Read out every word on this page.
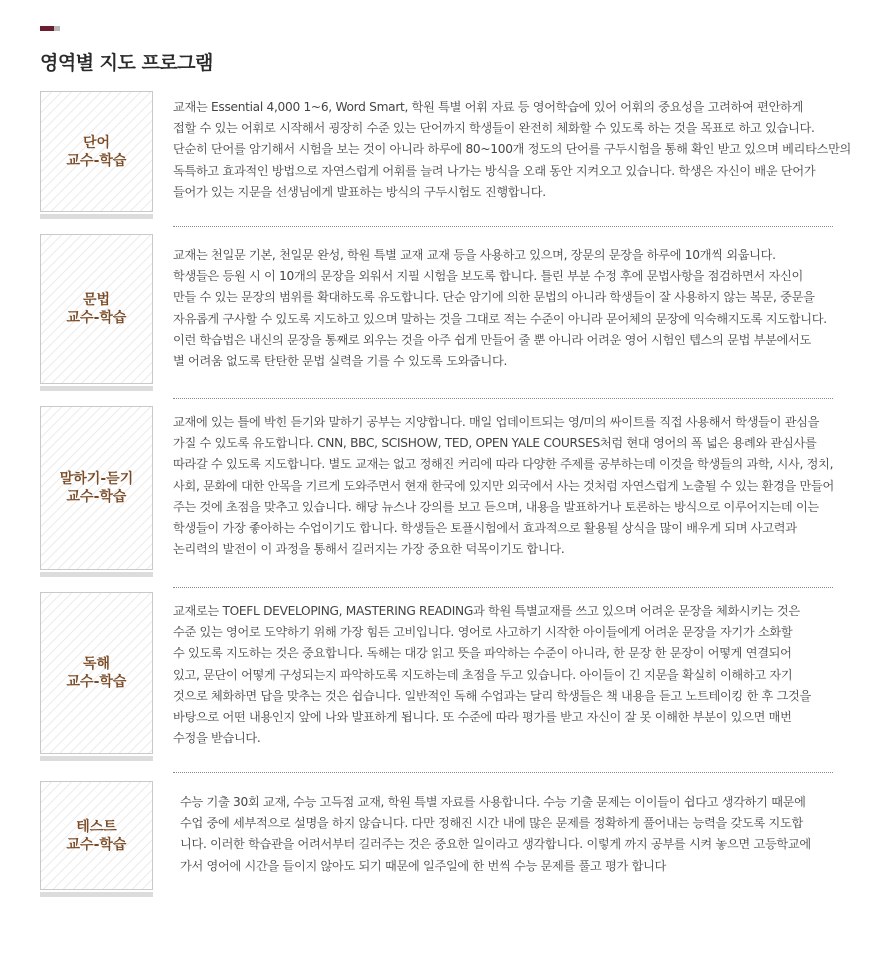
영역별 지도 프로그램
단어
교수-학습
교재는 Essential 4,000 1~6, Word Smart, 학원 특별 어휘 자료 등 영어학습에 있어 어휘의 중요성을 고려하여 편안하게
접할 수 있는 어휘로 시작해서 굉장히 수준 있는 단어까지 학생들이 완전히 체화할 수 있도록 하는 것을 목표로 하고 있습니다.
단순히 단어를 암기해서 시험을 보는 것이 아니라 하루에 80~100개 정도의 단어를 구두시험을 통해 확인 받고 있으며 베리타스만의
독특하고 효과적인 방법으로 자연스럽게 어휘를 늘려 나가는 방식을 오래 동안 지켜오고 있습니다. 학생은 자신이 배운 단어가
들어가 있는 지문을 선생님에게 발표하는 방식의 구두시험도 진행합니다.
문법
교수-학습
교재는 천일문 기본, 천일문 완성, 학원 특별 교재 교재 등을 사용하고 있으며, 장문의 문장을 하루에 10개씩 외웁니다.
학생들은 등원 시 이 10개의 문장을 외워서 지필 시험을 보도록 합니다. 틀린 부분 수정 후에 문법사항을 점검하면서 자신이
만들 수 있는 문장의 범위를 확대하도록 유도합니다. 단순 암기에 의한 문법의 아니라 학생들이 잘 사용하지 않는 복문, 중문을
자유롭게 구사할 수 있도록 지도하고 있으며 말하는 것을 그대로 적는 수준이 아니라 문어체의 문장에 익숙해지도록 지도합니다.
이런 학습법은 내신의 문장을 통째로 외우는 것을 아주 쉽게 만들어 줄 뿐 아니라 어려운 영어 시험인 텝스의 문법 부분에서도
별 어려움 없도록 탄탄한 문법 실력을 기를 수 있도록 도와줍니다.
말하기-듣기
교수-학습
교재에 있는 틀에 박힌 듣기와 말하기 공부는 지양합니다. 매일 업데이트되는 영/미의 싸이트를 직접 사용해서 학생들이 관심을
가질 수 있도록 유도합니다. CNN, BBC, SCISHOW, TED, OPEN YALE COURSES처럼 현대 영어의 폭 넓은 용례와 관심사를
따라갈 수 있도록 지도합니다. 별도 교재는 없고 정해진 커리에 따라 다양한 주제를 공부하는데 이것을 학생들의 과학, 시사, 정치,
사회, 문화에 대한 안목을 기르게 도와주면서 현재 한국에 있지만 외국에서 사는 것처럼 자연스럽게 노출될 수 있는 환경을 만들어
주는 것에 초점을 맞추고 있습니다. 해당 뉴스나 강의를 보고 듣으며, 내용을 발표하거나 토론하는 방식으로 이루어지는데 이는
학생들이 가장 좋아하는 수업이기도 합니다. 학생들은 토플시험에서 효과적으로 활용될 상식을 많이 배우게 되며 사고력과
논리력의 발전이 이 과정을 통해서 길러지는 가장 중요한 덕목이기도 합니다.
독해
교수-학습
교재로는 TOEFL DEVELOPING, MASTERING READING과 학원 특별교재를 쓰고 있으며 어려운 문장을 체화시키는 것은
수준 있는 영어로 도약하기 위해 가장 힘든 고비입니다. 영어로 사고하기 시작한 아이들에게 어려운 문장을 자기가 소화할
수 있도록 지도하는 것은 중요합니다. 독해는 대강 읽고 뜻을 파악하는 수준이 아니라, 한 문장 한 문장이 어떻게 연결되어
있고, 문단이 어떻게 구성되는지 파악하도록 지도하는데 초점을 두고 있습니다. 아이들이 긴 지문을 확실히 이해하고 자기
것으로 체화하면 답을 맞추는 것은 쉽습니다. 일반적인 독해 수업과는 달리 학생들은 책 내용을 듣고 노트테이킹 한 후 그것을
바탕으로 어떤 내용인지 앞에 나와 발표하게 됩니다. 또 수준에 따라 평가를 받고 자신이 잘 못 이해한 부분이 있으면 매번
수정을 받습니다.
테스트
교수-학습
수능 기출 30회 교재, 수능 고득점 교재, 학원 특별 자료를 사용합니다. 수능 기출 문제는 이이들이 쉽다고 생각하기 때문에
수업 중에 세부적으로 설명을 하지 않습니다. 다만 정해진 시간 내에 많은 문제를 정확하게 풀어내는 능력을 갖도록 지도합
니다. 이러한 학습관을 어려서부터 길러주는 것은 중요한 일이라고 생각합니다. 이렇게 까지 공부를 시켜 놓으면 고등학교에
가서 영어에 시간을 들이지 않아도 되기 때문에 일주일에 한 번씩 수능 문제를 풀고 평가 합니다
